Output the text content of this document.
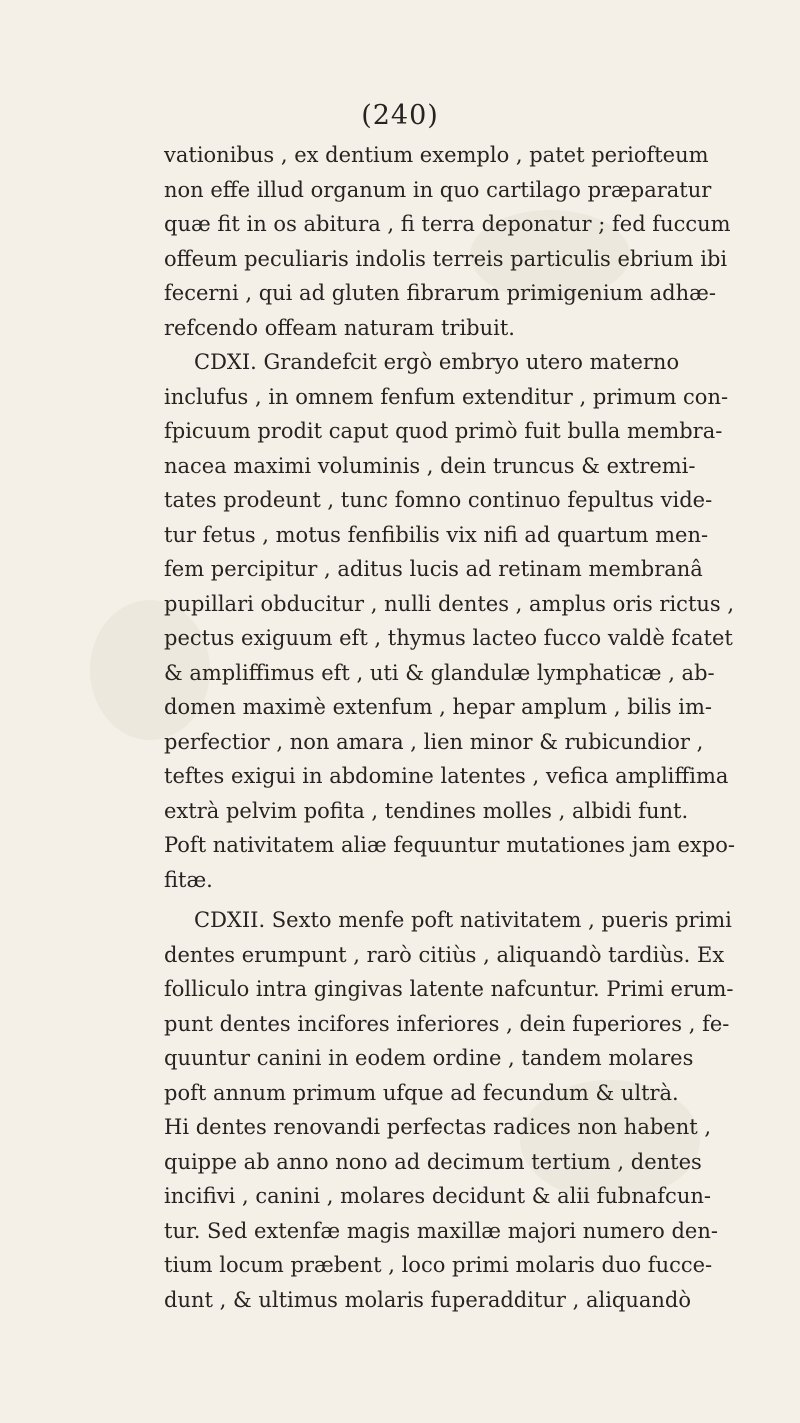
(240)
vationibus , ex dentium exemplo , patet periofteum
non effe illud organum in quo cartilago præparatur
quæ fit in os abitura , fi terra deponatur ; fed fuccum
offeum peculiaris indolis terreis particulis ebrium ibi
fecerni , qui ad gluten fibrarum primigenium adhæ-
refcendo offeam naturam tribuit.
CDXI. Grandefcit ergò embryo utero materno
inclufus , in omnem fenfum extenditur , primum con-
fpicuum prodit caput quod primò fuit bulla membra-
nacea maximi voluminis , dein truncus & extremi-
tates prodeunt , tunc fomno continuo fepultus vide-
tur fetus , motus fenfibilis vix nifi ad quartum men-
fem percipitur , aditus lucis ad retinam membranâ
pupillari obducitur , nulli dentes , amplus oris rictus ,
pectus exiguum eft , thymus lacteo fucco valdè fcatet
& ampliffimus eft , uti & glandulæ lymphaticæ , ab-
domen maximè extenfum , hepar amplum , bilis im-
perfectior , non amara , lien minor & rubicundior ,
teftes exigui in abdomine latentes , vefica ampliffima
extrà pelvim pofita , tendines molles , albidi funt.
Poft nativitatem aliæ fequuntur mutationes jam expo-
fitæ.
CDXII. Sexto menfe poft nativitatem , pueris primi
dentes erumpunt , rarò citiùs , aliquandò tardiùs. Ex
folliculo intra gingivas latente nafcuntur. Primi erum-
punt dentes incifores inferiores , dein fuperiores , fe-
quuntur canini in eodem ordine , tandem molares
poft annum primum ufque ad fecundum & ultrà.
Hi dentes renovandi perfectas radices non habent ,
quippe ab anno nono ad decimum tertium , dentes
incifivi , canini , molares decidunt & alii fubnafcun-
tur. Sed extenfæ magis maxillæ majori numero den-
tium locum præbent , loco primi molaris duo fucce-
dunt , & ultimus molaris fuperadditur , aliquandò
